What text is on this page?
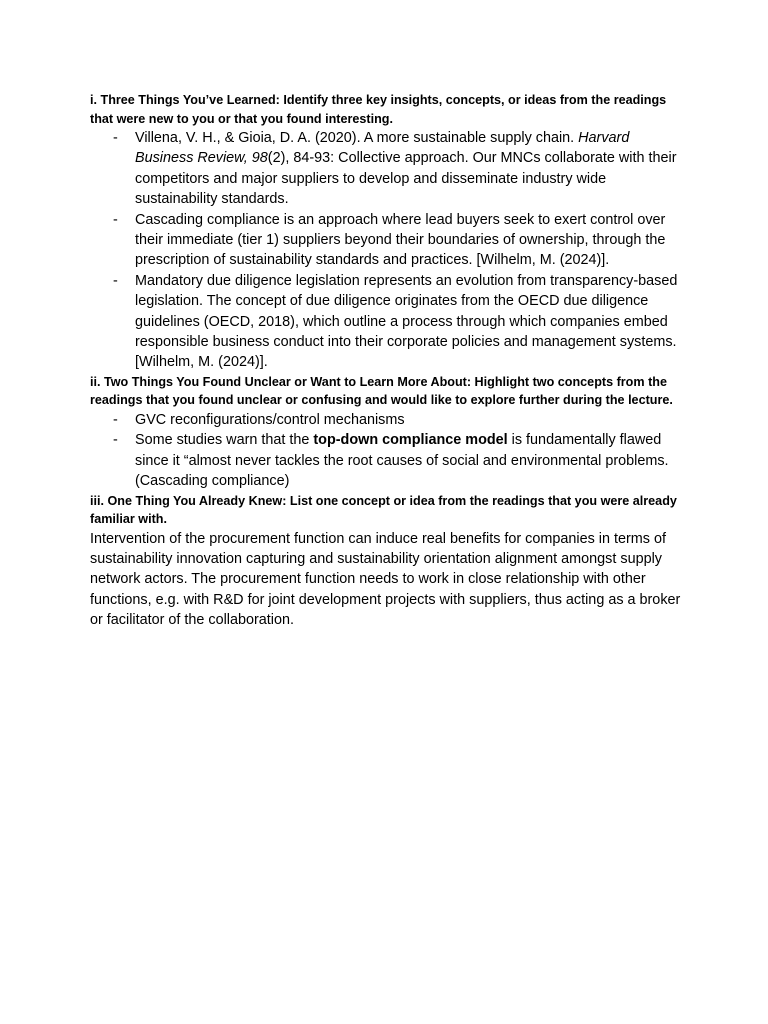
i. Three Things You’ve Learned: Identify three key insights, concepts, or ideas from the readings that were new to you or that you found interesting.

- Villena, V. H., & Gioia, D. A. (2020). A more sustainable supply chain. Harvard Business Review, 98(2), 84-93: Collective approach. Our MNCs collaborate with their competitors and major suppliers to develop and disseminate industry wide sustainability standards.
- Cascading compliance is an approach where lead buyers seek to exert control over their immediate (tier 1) suppliers beyond their boundaries of ownership, through the prescription of sustainability standards and practices. [Wilhelm, M. (2024)].
- Mandatory due diligence legislation represents an evolution from transparency-based legislation. The concept of due diligence originates from the OECD due diligence guidelines (OECD, 2018), which outline a process through which companies embed responsible business conduct into their corporate policies and management systems. [Wilhelm, M. (2024)].

ii. Two Things You Found Unclear or Want to Learn More About: Highlight two concepts from the readings that you found unclear or confusing and would like to explore further during the lecture.

- GVC reconfigurations/control mechanisms
- Some studies warn that the top-down compliance model is fundamentally flawed since it “almost never tackles the root causes of social and environmental problems. (Cascading compliance)

iii. One Thing You Already Knew: List one concept or idea from the readings that you were already familiar with.

Intervention of the procurement function can induce real benefits for companies in terms of sustainability innovation capturing and sustainability orientation alignment amongst supply network actors. The procurement function needs to work in close relationship with other functions, e.g. with R&D for joint development projects with suppliers, thus acting as a broker or facilitator of the collaboration.
